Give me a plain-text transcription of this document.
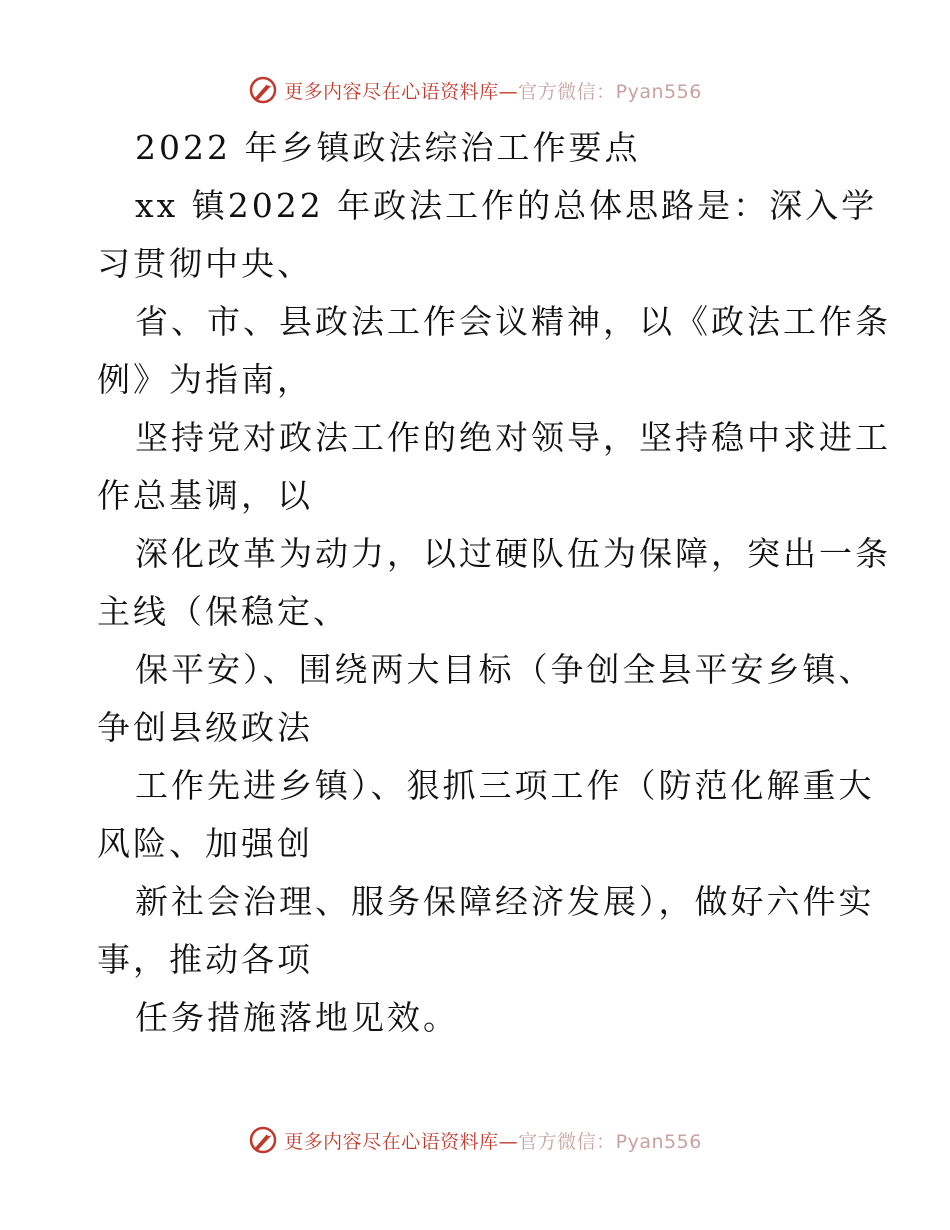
更多内容尽在心语资料库—官方微信：Pyan556
2022 年乡镇政法综治工作要点
xx 镇2022 年政法工作的总体思路是：深入学
习贯彻中央、
省、市、县政法工作会议精神，以《政法工作条
例》为指南，
坚持党对政法工作的绝对领导，坚持稳中求进工
作总基调，以
深化改革为动力，以过硬队伍为保障，突出一条
主线（保稳定、
保平安）、围绕两大目标（争创全县平安乡镇、
争创县级政法
工作先进乡镇）、狠抓三项工作（防范化解重大
风险、加强创
新社会治理、服务保障经济发展），做好六件实
事，推动各项
任务措施落地见效。
更多内容尽在心语资料库—官方微信：Pyan556
